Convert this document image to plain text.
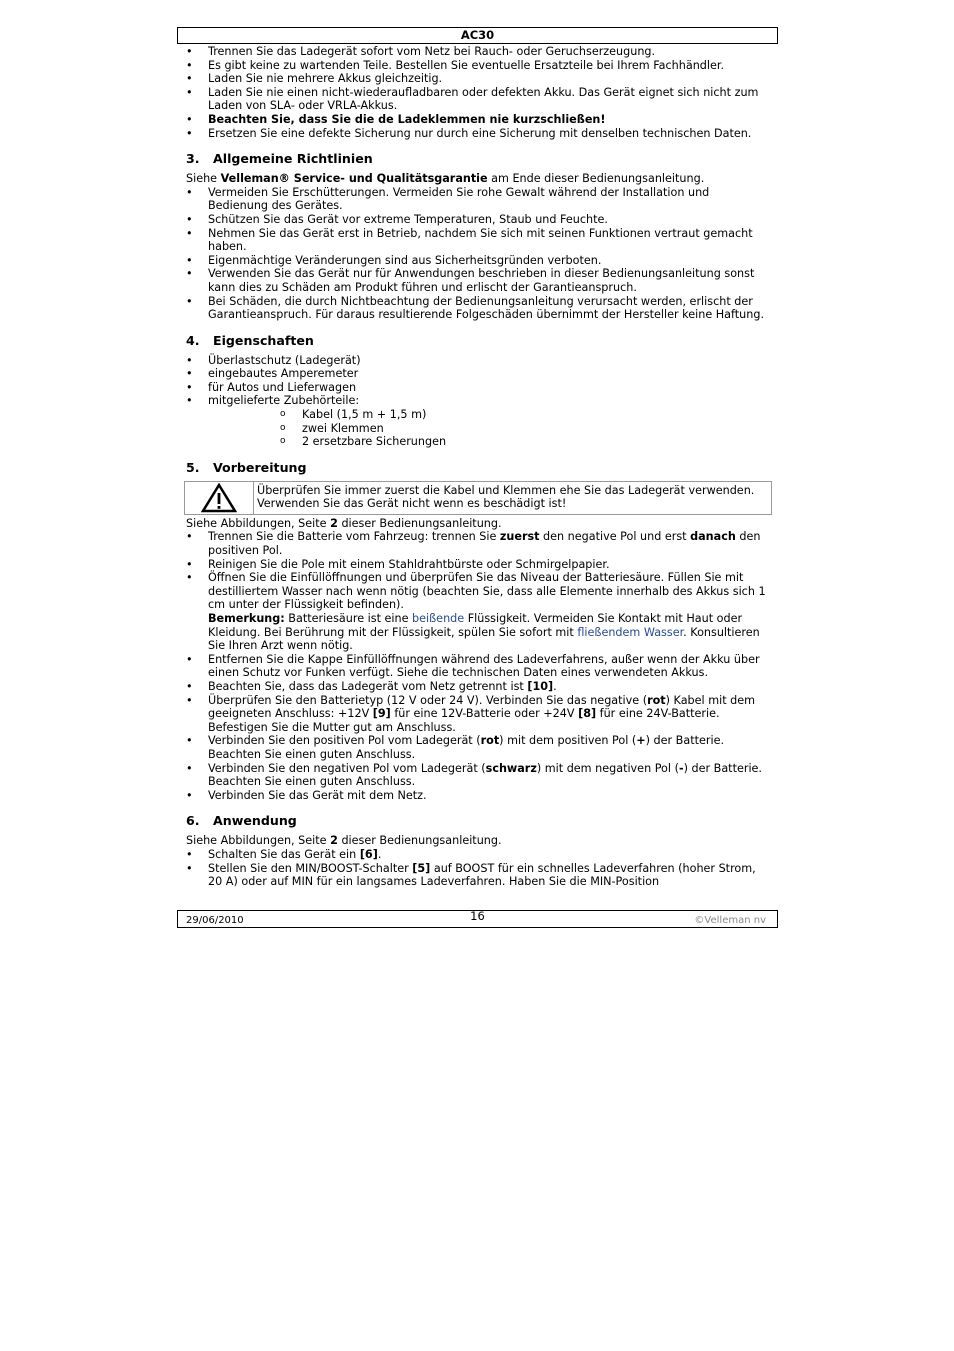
AC30
• Trennen Sie das Ladegerät sofort vom Netz bei Rauch- oder Geruchserzeugung.
• Es gibt keine zu wartenden Teile. Bestellen Sie eventuelle Ersatzteile bei Ihrem Fachhändler.
• Laden Sie nie mehrere Akkus gleichzeitig.
• Laden Sie nie einen nicht-wiederaufladbaren oder defekten Akku. Das Gerät eignet sich nicht zum Laden von SLA- oder VRLA-Akkus.
• Beachten Sie, dass Sie die de Ladeklemmen nie kurzschließen!
• Ersetzen Sie eine defekte Sicherung nur durch eine Sicherung mit denselben technischen Daten.
3. Allgemeine Richtlinien

Siehe Velleman® Service- und Qualitätsgarantie am Ende dieser Bedienungsanleitung.

• Vermeiden Sie Erschütterungen. Vermeiden Sie rohe Gewalt während der Installation und Bedienung des Gerätes.
• Schützen Sie das Gerät vor extreme Temperaturen, Staub und Feuchte.
• Nehmen Sie das Gerät erst in Betrieb, nachdem Sie sich mit seinen Funktionen vertraut gemacht haben.
• Eigenmächtige Veränderungen sind aus Sicherheitsgründen verboten.
• Verwenden Sie das Gerät nur für Anwendungen beschrieben in dieser Bedienungsanleitung sonst kann dies zu Schäden am Produkt führen und erlischt der Garantieanspruch.
• Bei Schäden, die durch Nichtbeachtung der Bedienungsanleitung verursacht werden, erlischt der Garantieanspruch. Für daraus resultierende Folgeschäden übernimmt der Hersteller keine Haftung.
4. Eigenschaften
• Überlastschutz (Ladegerät)
• eingebautes Amperemeter
• für Autos und Lieferwagen
• mitgelieferte Zubehörteile:
o Kabel (1,5 m + 1,5 m)
o zwei Klemmen
o 2 ersetzbare Sicherungen
5. Vorbereitung
Überprüfen Sie immer zuerst die Kabel und Klemmen ehe Sie das Ladegerät verwenden. Verwenden Sie das Gerät nicht wenn es beschädigt ist!

Siehe Abbildungen, Seite 2 dieser Bedienungsanleitung.

• Trennen Sie die Batterie vom Fahrzeug: trennen Sie zuerst den negative Pol und erst danach den positiven Pol.
• Reinigen Sie die Pole mit einem Stahldrahtbürste oder Schmirgelpapier.
• Öffnen Sie die Einfüllöffnungen und überprüfen Sie das Niveau der Batteriesäure. Füllen Sie mit destilliertem Wasser nach wenn nötig (beachten Sie, dass alle Elemente innerhalb des Akkus sich 1 cm unter der Flüssigkeit befinden).
Bemerkung: Batteriesäure ist eine beißende Flüssigkeit. Vermeiden Sie Kontakt mit Haut oder Kleidung. Bei Berührung mit der Flüssigkeit, spülen Sie sofort mit fließendem Wasser. Konsultieren Sie Ihren Arzt wenn nötig.
• Entfernen Sie die Kappe Einfüllöffnungen während des Ladeverfahrens, außer wenn der Akku über einen Schutz vor Funken verfügt. Siehe die technischen Daten eines verwendeten Akkus.
• Beachten Sie, dass das Ladegerät vom Netz getrennt ist [10].
• Überprüfen Sie den Batterietyp (12 V oder 24 V). Verbinden Sie das negative (rot) Kabel mit dem geeigneten Anschluss: +12V [9] für eine 12V-Batterie oder +24V [8] für eine 24V-Batterie. Befestigen Sie die Mutter gut am Anschluss.
• Verbinden Sie den positiven Pol vom Ladegerät (rot) mit dem positiven Pol (+) der Batterie. Beachten Sie einen guten Anschluss.
• Verbinden Sie den negativen Pol vom Ladegerät (schwarz) mit dem negativen Pol (-) der Batterie. Beachten Sie einen guten Anschluss.
• Verbinden Sie das Gerät mit dem Netz.
6. Anwendung

Siehe Abbildungen, Seite 2 dieser Bedienungsanleitung.

• Schalten Sie das Gerät ein [6].
• Stellen Sie den MIN/BOOST-Schalter [5] auf BOOST für ein schnelles Ladeverfahren (hoher Strom, 20 A) oder auf MIN für ein langsames Ladeverfahren. Haben Sie die MIN-Position
29/06/2010	16	©Velleman nv
